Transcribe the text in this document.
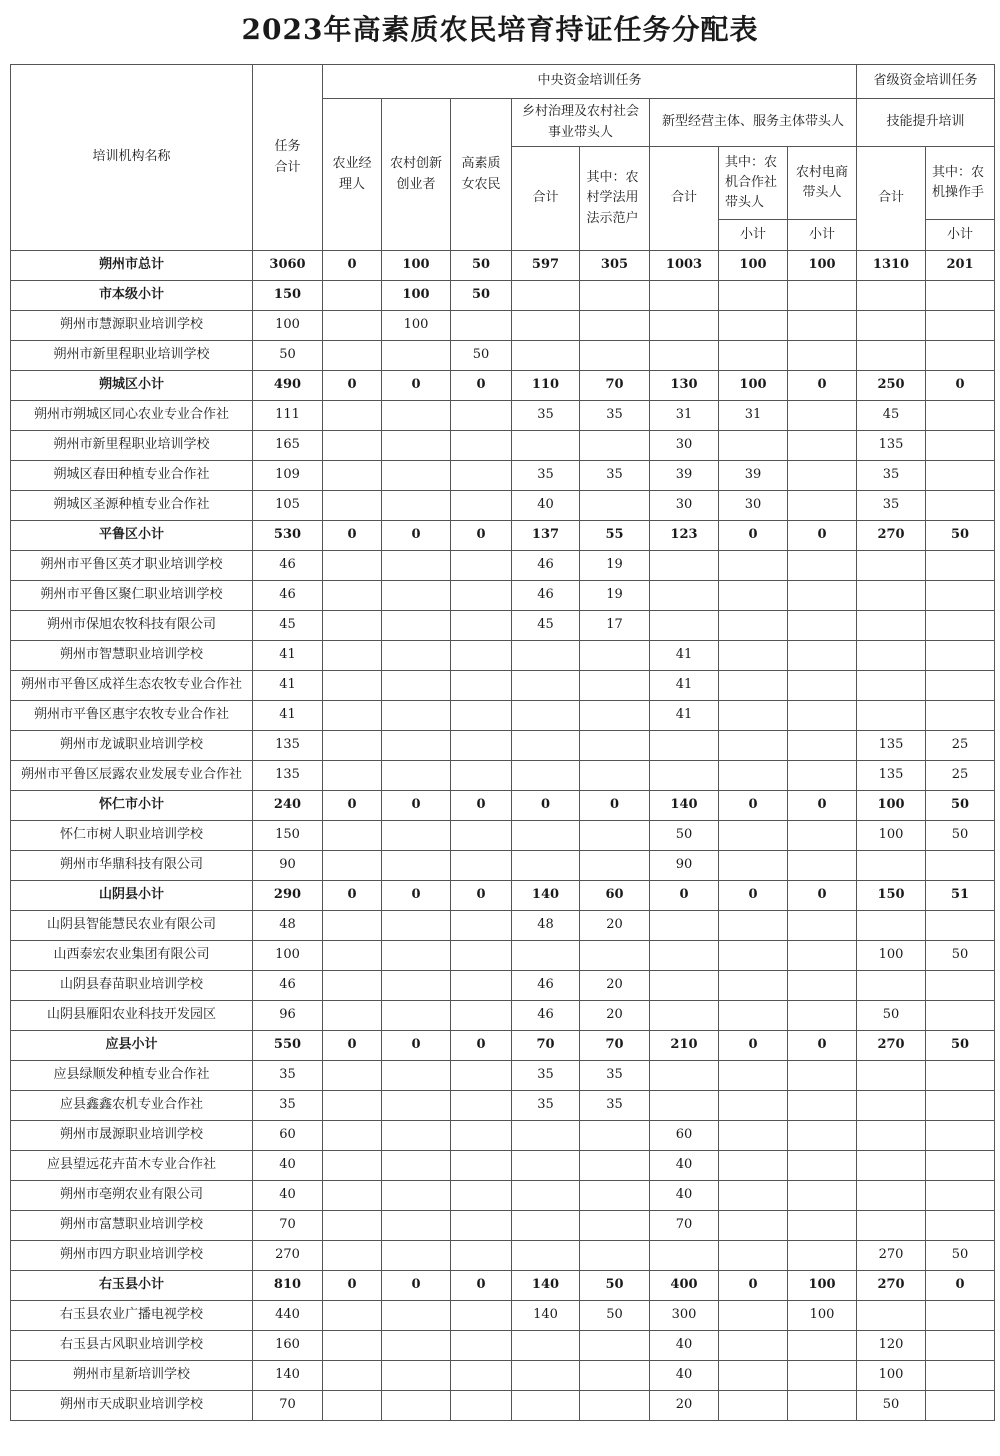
2023年高素质农民培育持证任务分配表
培训机构名称	任务合计	中央资金培训任务								省级资金培训任务	

		农业经理人	农村创新创业者	高素质女农民	乡村治理及农村社会事业带头人		新型经营主体、服务主体带头人			技能提升培训	
					合计	其中：农村学法用法示范户	合计	其中：农机合作社带头人	农村电商带头人	合计	其中：农机操作手

								小计	小计		小计
朔州市总计	3060	0	100	50	597	305	1003	100	100	1310	201
市本级小计	150		100	50							
朔州市慧源职业培训学校	100		100								
朔州市新里程职业培训学校	50			50							
朔城区小计	490	0	0	0	110	70	130	100	0	250	0
朔州市朔城区同心农业专业合作社	111				35	35	31	31		45	
朔州市新里程职业培训学校	165						30			135	
朔城区春田种植专业合作社	109				35	35	39	39		35	
朔城区圣源种植专业合作社	105				40		30	30		35	
平鲁区小计	530	0	0	0	137	55	123	0	0	270	50
朔州市平鲁区英才职业培训学校	46				46	19					
朔州市平鲁区聚仁职业培训学校	46				46	19					
朔州市保旭农牧科技有限公司	45				45	17					
朔州市智慧职业培训学校	41						41				
朔州市平鲁区成祥生态农牧专业合作社	41						41				
朔州市平鲁区惠宇农牧专业合作社	41						41				
朔州市龙诚职业培训学校	135									135	25
朔州市平鲁区辰露农业发展专业合作社	135									135	25
怀仁市小计	240	0	0	0	0	0	140	0	0	100	50
怀仁市树人职业培训学校	150						50			100	50
朔州市华鼎科技有限公司	90						90				
山阴县小计	290	0	0	0	140	60	0	0	0	150	51
山阴县智能慧民农业有限公司	48				48	20					
山西泰宏农业集团有限公司	100									100	50
山阴县春苗职业培训学校	46				46	20					
山阴县雁阳农业科技开发园区	96				46	20				50	
应县小计	550	0	0	0	70	70	210	0	0	270	50
应县绿顺发种植专业合作社	35				35	35					
应县鑫鑫农机专业合作社	35				35	35					
朔州市晟源职业培训学校	60						60				
应县望远花卉苗木专业合作社	40						40				
朔州市亳朔农业有限公司	40						40				
朔州市富慧职业培训学校	70						70				
朔州市四方职业培训学校	270									270	50
右玉县小计	810	0	0	0	140	50	400	0	100	270	0
右玉县农业广播电视学校	440				140	50	300		100		
右玉县古风职业培训学校	160						40			120	
朔州市星新培训学校	140						40			100	
朔州市天成职业培训学校	70						20			50	
